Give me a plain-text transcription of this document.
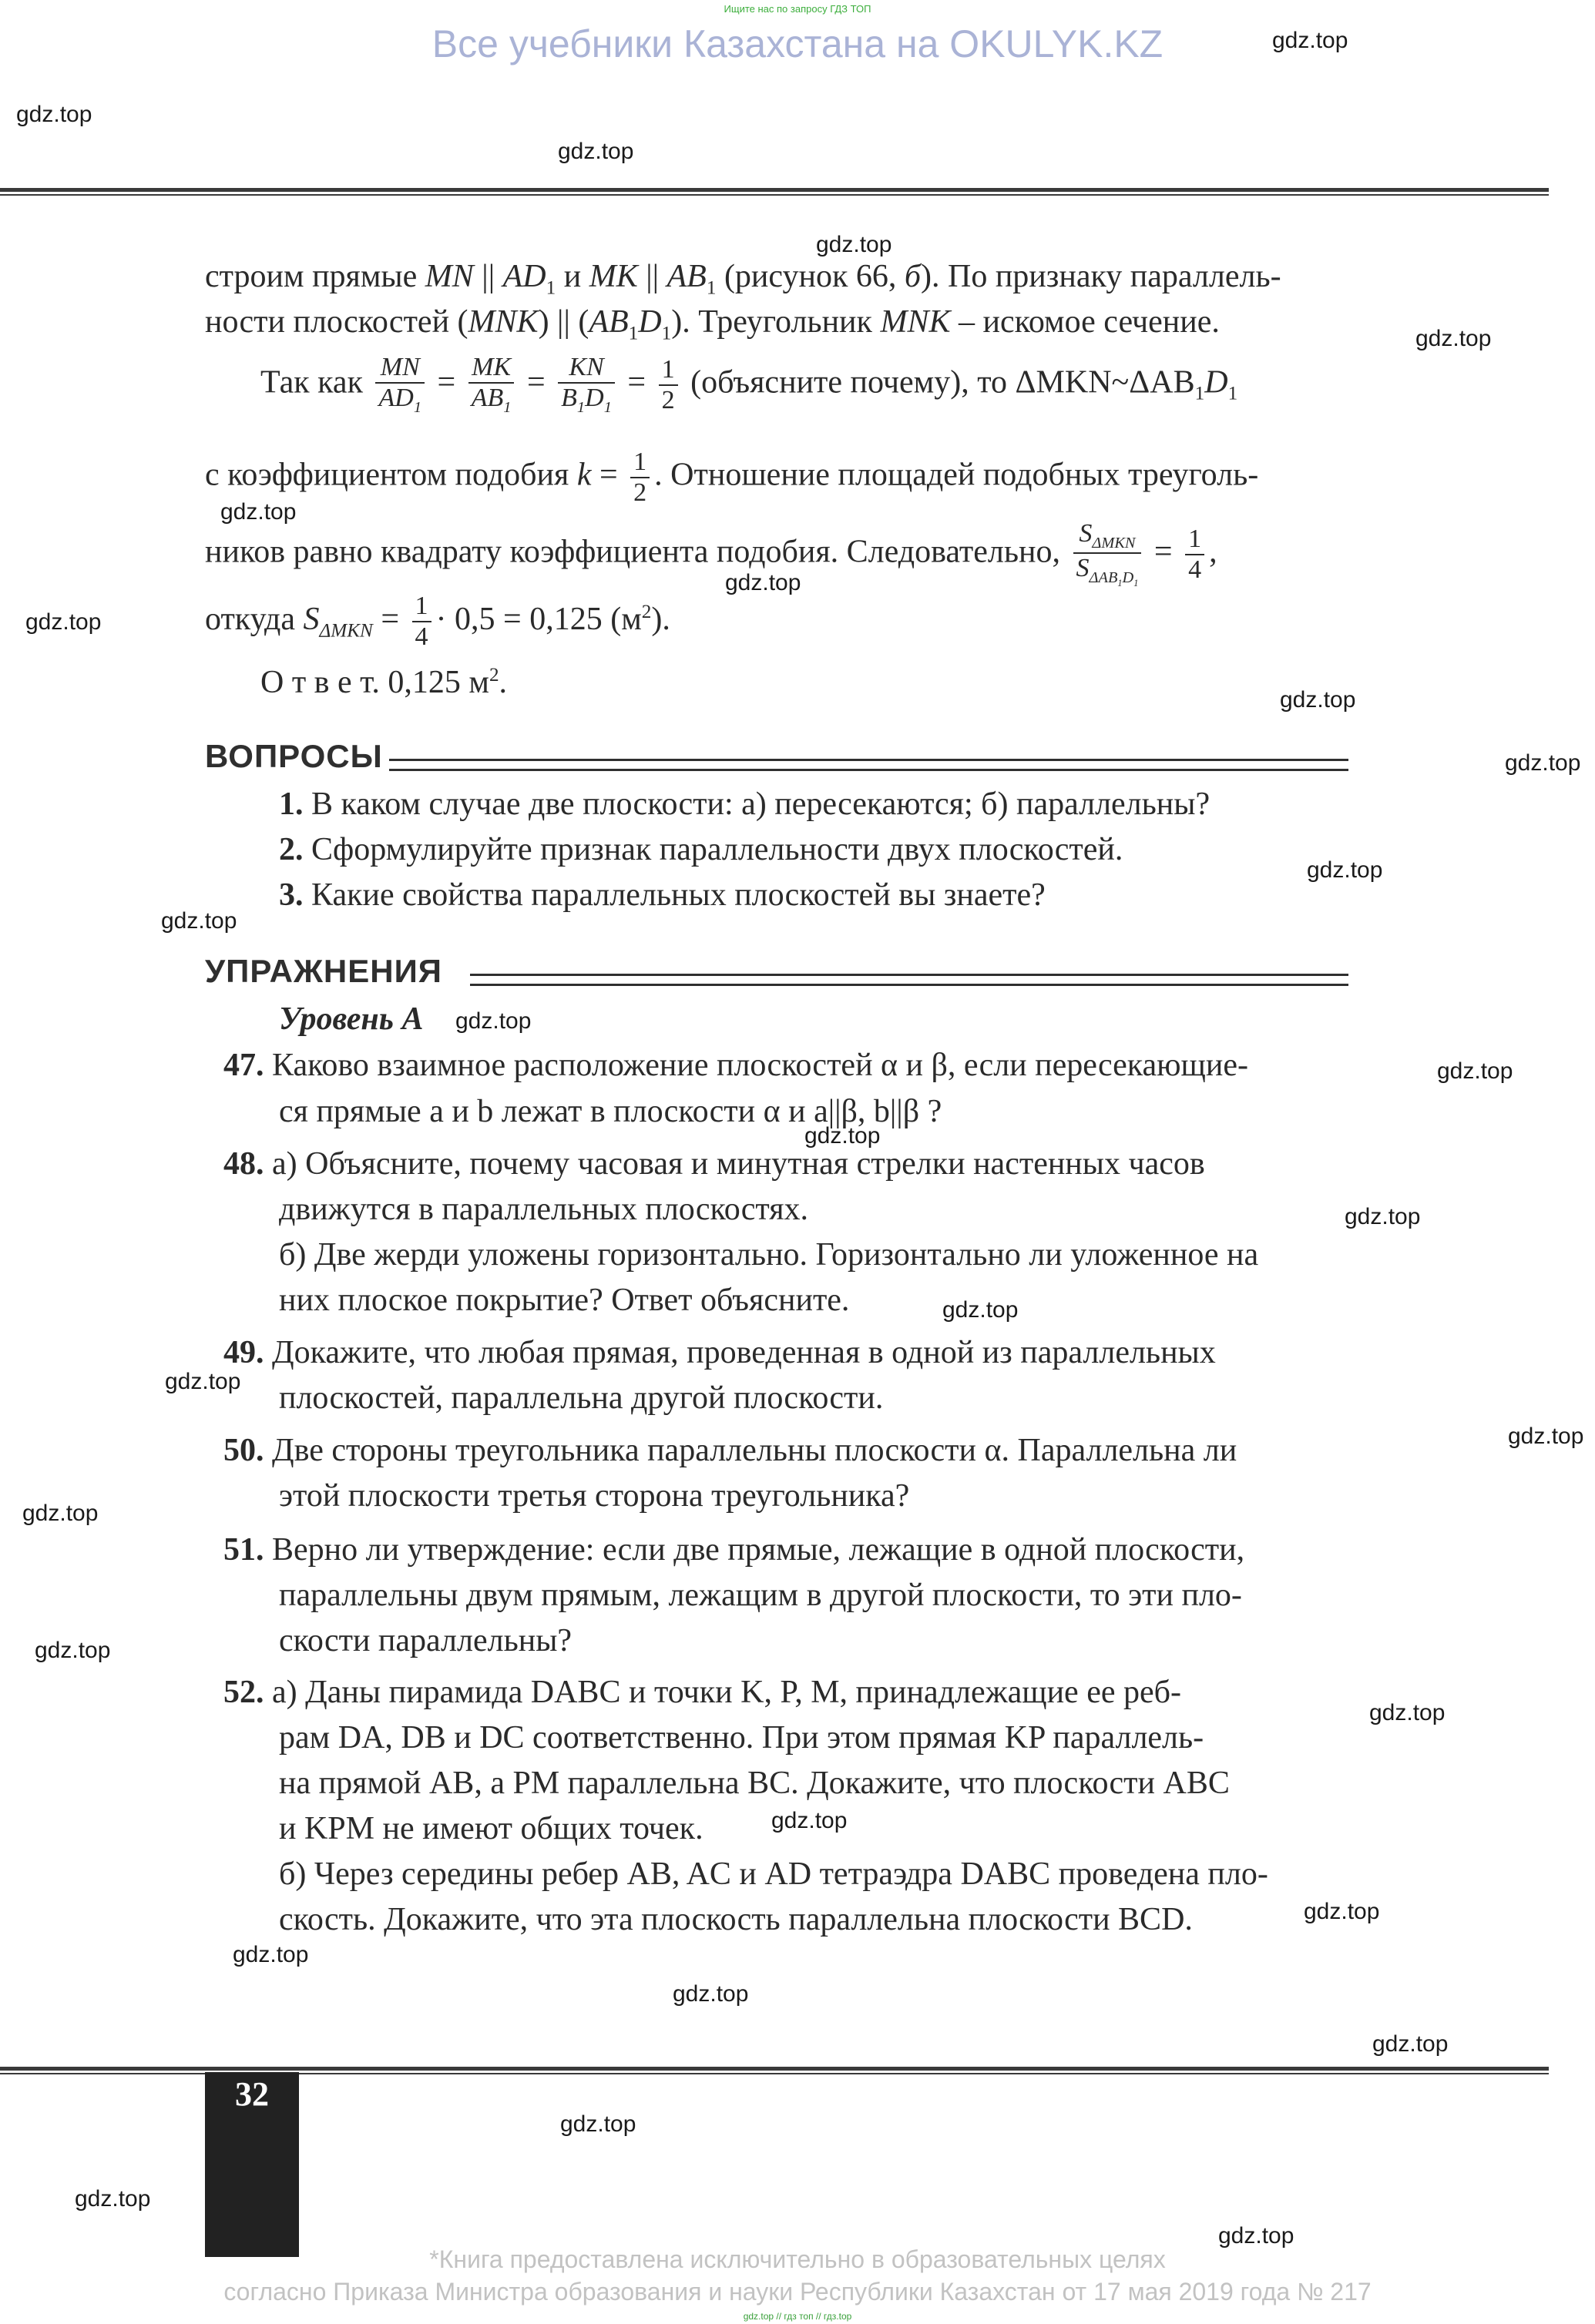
Ищите нас по запросу ГДЗ ТОП
Все учебники Казахстана на OKULYK.KZ
строим прямые MN || $AD_1$ и MK || $AB_1$ (рисунок 66, б). По признаку параллель-
ности плоскостей (MNK) || $(AB_1D_1)$. Треугольник MNK – искомое сечение.
Так как $\frac{MN}{AD_1} = \frac{MK}{AB_1} = \frac{KN}{B_1D_1} = \frac{1}{2}$ (объясните почему), то $\Delta MKN\sim\Delta AB_1D_1$
с коэффициентом подобия $k = \frac{1}{2}$ . Отношение площадей подобных треуголь-
ников равно квадрату коэффициента подобия. Следовательно, $\frac{S_{\Delta MKN}}{S_{\Delta AB_1D_1}} = \frac{1}{4}$ ,
откуда $S_{\Delta MKN} = \frac{1}{4} \cdot 0,5 = 0,125$ $(м^2)$.
О т в е т. 0,125 $м^2$.
ВОПРОСЫ
1. В каком случае две плоскости: а) пересекаются; б) параллельны?
2. Сформулируйте признак параллельности двух плоскостей.
3. Какие свойства параллельных плоскостей вы знаете?
УПРАЖНЕНИЯ
Уровень А
47. Каково взаимное расположение плоскостей α и β, если пересекающие-
ся прямые a и b лежат в плоскости α и a||β, b||β ?
48. а) Объясните, почему часовая и минутная стрелки настенных часов
движутся в параллельных плоскостях.
б) Две жерди уложены горизонтально. Горизонтально ли уложенное на
них плоское покрытие? Ответ объясните.
49. Докажите, что любая прямая, проведенная в одной из параллельных
плоскостей, параллельна другой плоскости.
50. Две стороны треугольника параллельны плоскости α. Параллельна ли
этой плоскости третья сторона треугольника?
51. Верно ли утверждение: если две прямые, лежащие в одной плоскости,
параллельны двум прямым, лежащим в другой плоскости, то эти пло-
скости параллельны?
52. а) Даны пирамида DABC и точки K, P, M, принадлежащие ее реб-
рам DA, DB и DC соответственно. При этом прямая KP параллель-
на прямой AB, а PM параллельна BC. Докажите, что плоскости ABC
и KPM не имеют общих точек.
б) Через середины ребер AB, AC и AD тетраэдра DABC проведена пло-
скость. Докажите, что эта плоскость параллельна плоскости BCD.
32
*Книга предоставлена исключительно в образовательных целях
согласно Приказа Министра образования и науки Республики Казахстан от 17 мая 2019 года № 217
gdz.top // гдз топ // гдз.top
gdz.top
gdz.top
gdz.top
gdz.top
gdz.top
gdz.top
gdz.top
gdz.top
gdz.top
gdz.top
gdz.top
gdz.top
gdz.top
gdz.top
gdz.top
gdz.top
gdz.top
gdz.top
gdz.top
gdz.top
gdz.top
gdz.top
gdz.top
gdz.top
gdz.top
gdz.top
gdz.top
gdz.top
gdz.top
gdz.top
